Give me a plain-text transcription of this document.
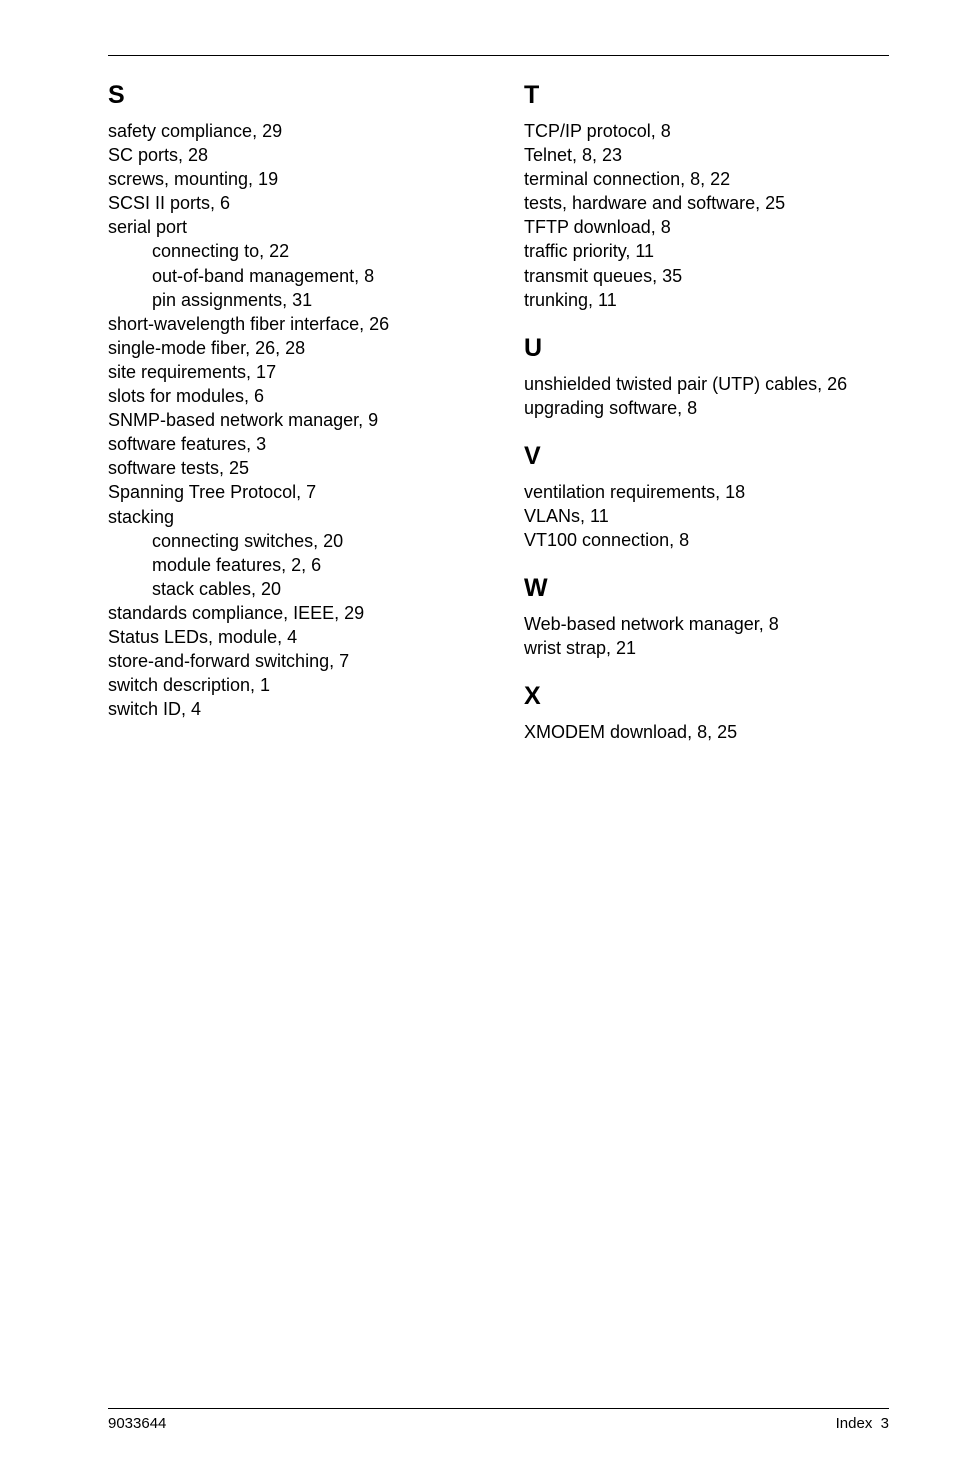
S
safety compliance, 29
SC ports, 28
screws, mounting, 19
SCSI II ports, 6
serial port
connecting to, 22
out-of-band management, 8
pin assignments, 31
short-wavelength fiber interface, 26
single-mode fiber, 26, 28
site requirements, 17
slots for modules, 6
SNMP-based network manager, 9
software features, 3
software tests, 25
Spanning Tree Protocol, 7
stacking
connecting switches, 20
module features, 2, 6
stack cables, 20
standards compliance, IEEE, 29
Status LEDs, module, 4
store-and-forward switching, 7
switch description, 1
switch ID, 4
T
TCP/IP protocol, 8
Telnet, 8, 23
terminal connection, 8, 22
tests, hardware and software, 25
TFTP download, 8
traffic priority, 11
transmit queues, 35
trunking, 11
U
unshielded twisted pair (UTP) cables, 26
upgrading software, 8
V
ventilation requirements, 18
VLANs, 11
VT100 connection, 8
W
Web-based network manager, 8
wrist strap, 21
X
XMODEM download, 8, 25
9033644	Index  3
